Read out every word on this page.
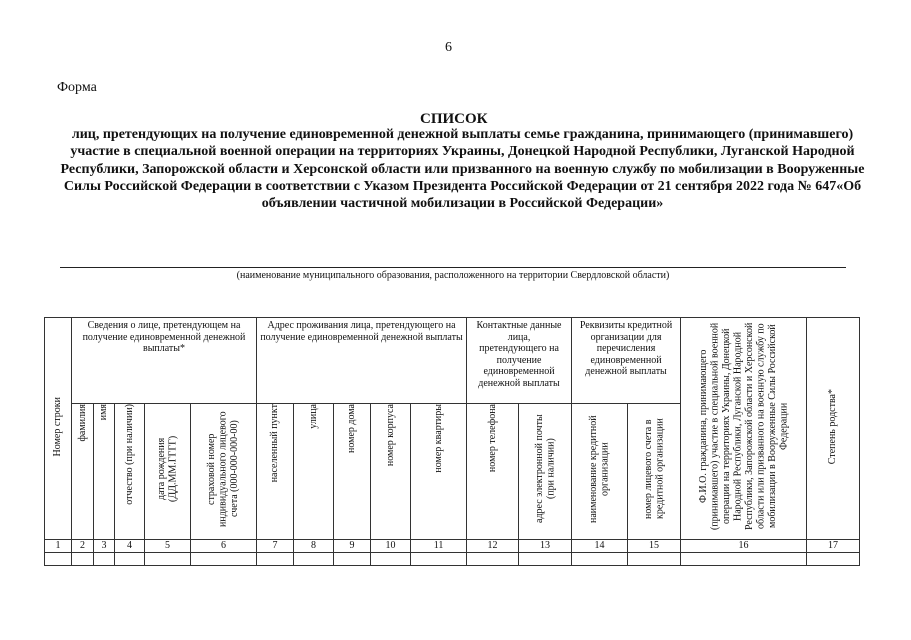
6
Форма
СПИСОК
лиц, претендующих на получение единовременной денежной выплаты семье гражданина, принимающего (принимавшего) участие в специальной военной операции на территориях Украины, Донецкой Народной Республики, Луганской Народной Республики, Запорожской области и Херсонской области или призванного на военную службу по мобилизации в Вооруженные Силы Российской Федерации в соответствии с Указом Президента Российской Федерации от 21 сентября 2022 года № 647«Об объявлении частичной мобилизации в Российской Федерации»
(наименование муниципального образования, расположенного на территории Свердловской области)
Номер строки	Сведения о лице, претендующем на получение единовременной денежной выплаты*					Адрес проживания лица, претендующего на получение единовременной денежной выплаты					Контактные данные лица, претендующего на получение единовременной денежной выплаты		Реквизиты кредитной организации для перечисления единовременной денежной выплаты		Ф.И.О. гражданина, принимающего (принимавшего) участие в специальной военной операции на территориях Украины, Донецкой Народной Республики, Луганской Народной Республики, Запорожской области и Херсонской области или призванного на военную службу по мобилизации в Вооруженные Силы Российской Федерации	Степень родства*
	фамилия	имя	отчество (при наличии)	дата рождения (ДД.ММ.ГГГГ)	страховой номер индивидуального лицевого счета (000-000-000-00)	населенный пункт	улица	номер дома	номер корпуса	номер квартиры	номер телефона	адрес электронной почты (при наличии)	наименование кредитной организации	номер лицевого счета в кредитной организации		
1	2	3	4	5	6	7	8	9	10	11	12	13	14	15	16	17
